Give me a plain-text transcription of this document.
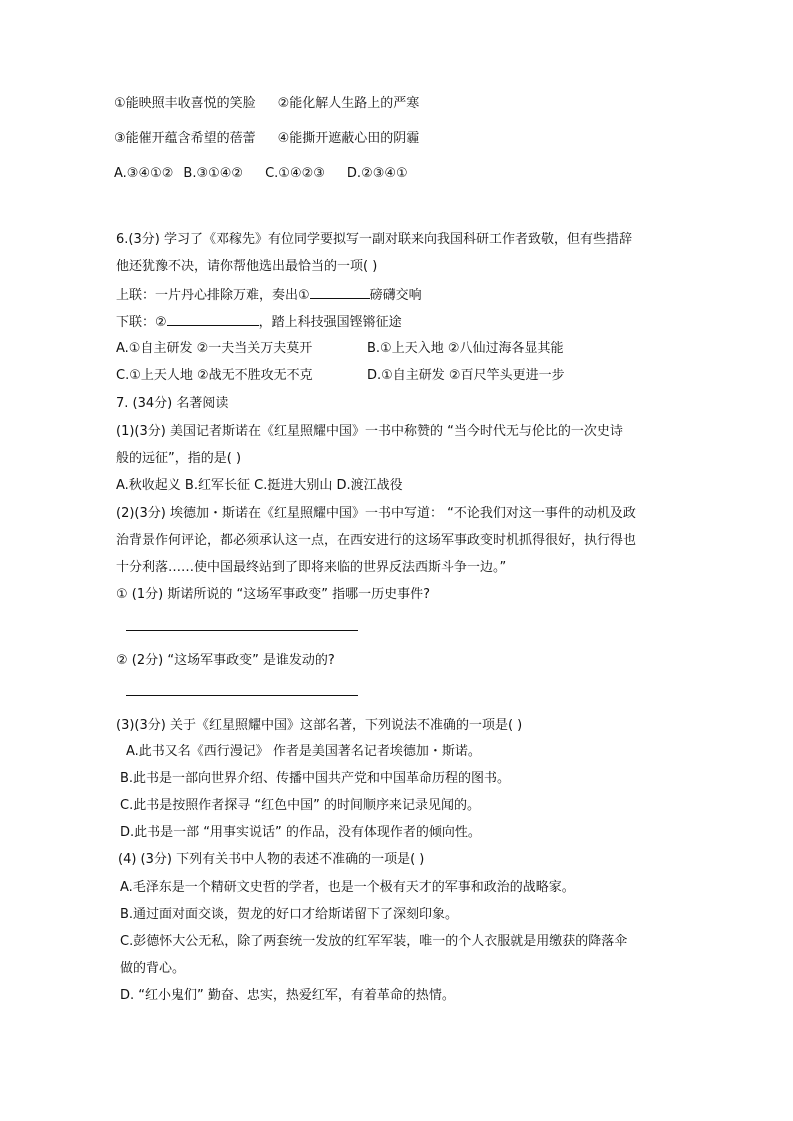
①能映照丰收喜悦的笑脸 ②能化解人生路上的严寒
③能催开蕴含希望的蓓蕾 ④能撕开遮蔽心田的阴霾
A.③④①② B.③①④② C.①④②③ D.②③④①
6.(3分) 学习了《邓稼先》有位同学要拟写一副对联来向我国科研工作者致敬，但有些措辞
他还犹豫不决，请你帮他选出最恰当的一项( )
上联：一片丹心排除万难，奏出①	磅礴交响
下联：②	，踏上科技强国铿锵征途
A.①自主研发 ②一夫当关万夫莫开	B.①上天入地 ②八仙过海各显其能
C.①上天人地 ②战无不胜攻无不克	D.①自主研发 ②百尺竿头更进一步
7. (34分) 名著阅读
(1)(3分) 美国记者斯诺在《红星照耀中国》一书中称赞的 “当今时代无与伦比的一次史诗
般的远征”，指的是( )
A.秋收起义 B.红军长征 C.挺进大别山 D.渡江战役
(2)(3分) 埃德加・斯诺在《红星照耀中国》一书中写道： “不论我们对这一事件的动机及政
治背景作何评论，都必须承认这一点，在西安进行的这场军事政变时机抓得很好，执行得也
十分利落……使中国最终站到了即将来临的世界反法西斯斗争一边。”
① (1分) 斯诺所说的 “这场军事政变” 指哪一历史事件?
② (2分) “这场军事政变” 是谁发动的?
(3)(3分) 关于《红星照耀中国》这部名著，下列说法不准确的一项是( )
A.此书又名《西行漫记》 作者是美国著名记者埃德加・斯诺。
B.此书是一部向世界介绍、传播中国共产党和中国革命历程的图书。
C.此书是按照作者探寻 “红色中国” 的时间顺序来记录见闻的。
D.此书是一部 “用事实说话” 的作品，没有体现作者的倾向性。
(4) (3分) 下列有关书中人物的表述不准确的一项是( )
A.毛泽东是一个精研文史哲的学者，也是一个极有天才的军事和政治的战略家。
B.通过面对面交谈，贺龙的好口才给斯诺留下了深刻印象。
C.彭德怀大公无私，除了两套统一发放的红军军装，唯一的个人衣服就是用缴获的降落伞
做的背心。
D. “红小鬼们” 勤奋、忠实，热爱红军，有着革命的热情。
